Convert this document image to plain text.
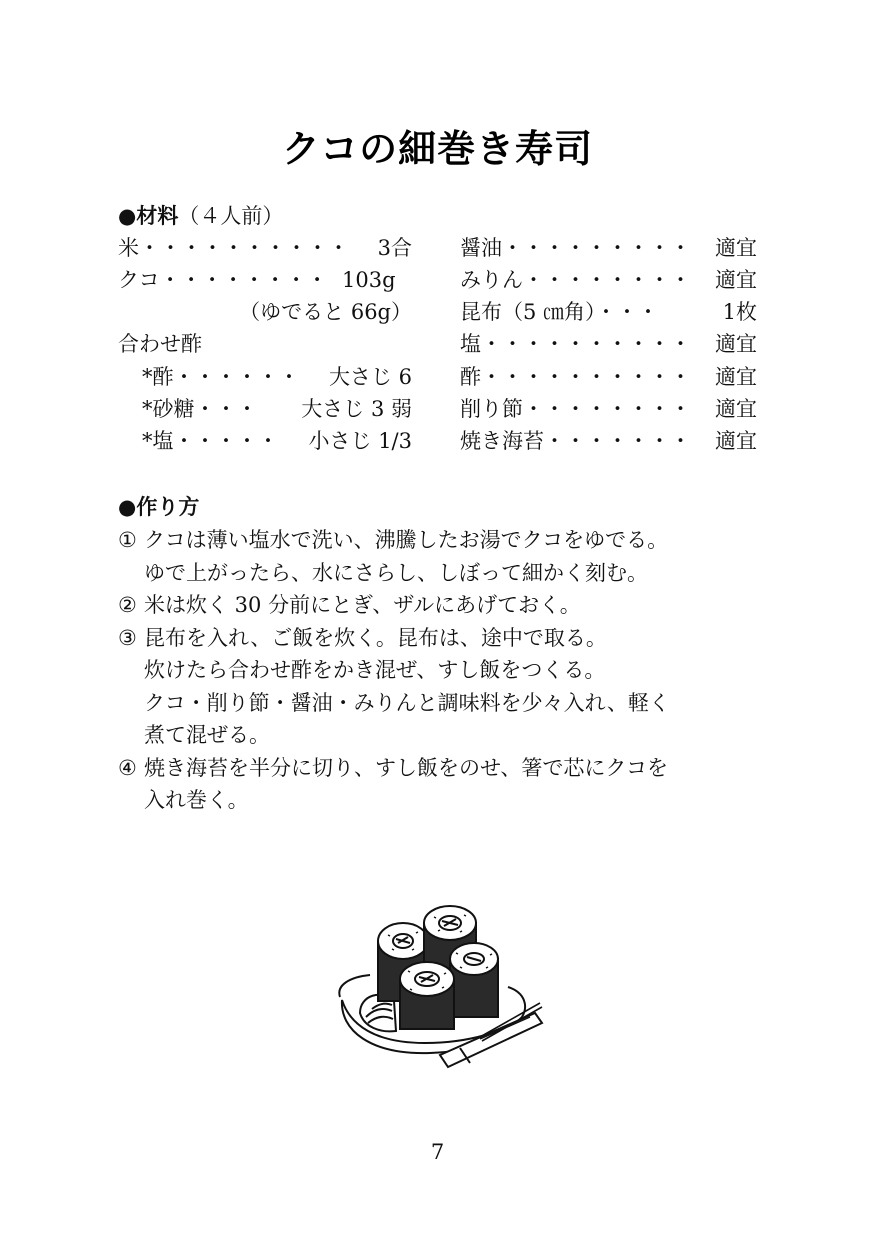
クコの細巻き寿司
●材料（４人前）
米・・・・・・・・・・ 3合
クコ・・・・・・・・ 103g
（ゆでると 66g）
合わせ酢
*酢・・・・・・ 大さじ 6
*砂糖・・・ 大さじ 3 弱
*塩・・・・・ 小さじ 1/3
醤油・・・・・・・・・ 適宜
みりん・・・・・・・・ 適宜
昆布（5 ㎝角）・・・	1枚
塩・・・・・・・・・・ 適宜
酢・・・・・・・・・・ 適宜
削り節・・・・・・・・ 適宜
焼き海苔・・・・・・・ 適宜
●作り方
① クコは薄い塩水で洗い、沸騰したお湯でクコをゆでる。
ゆで上がったら、水にさらし、しぼって細かく刻む。
② 米は炊く 30 分前にとぎ、ザルにあげておく。
③ 昆布を入れ、ご飯を炊く。昆布は、途中で取る。
炊けたら合わせ酢をかき混ぜ、すし飯をつくる。
クコ・削り節・醤油・みりんと調味料を少々入れ、軽く
煮て混ぜる。
④ 焼き海苔を半分に切り、すし飯をのせ、箸で芯にクコを
入れ巻く。
7
